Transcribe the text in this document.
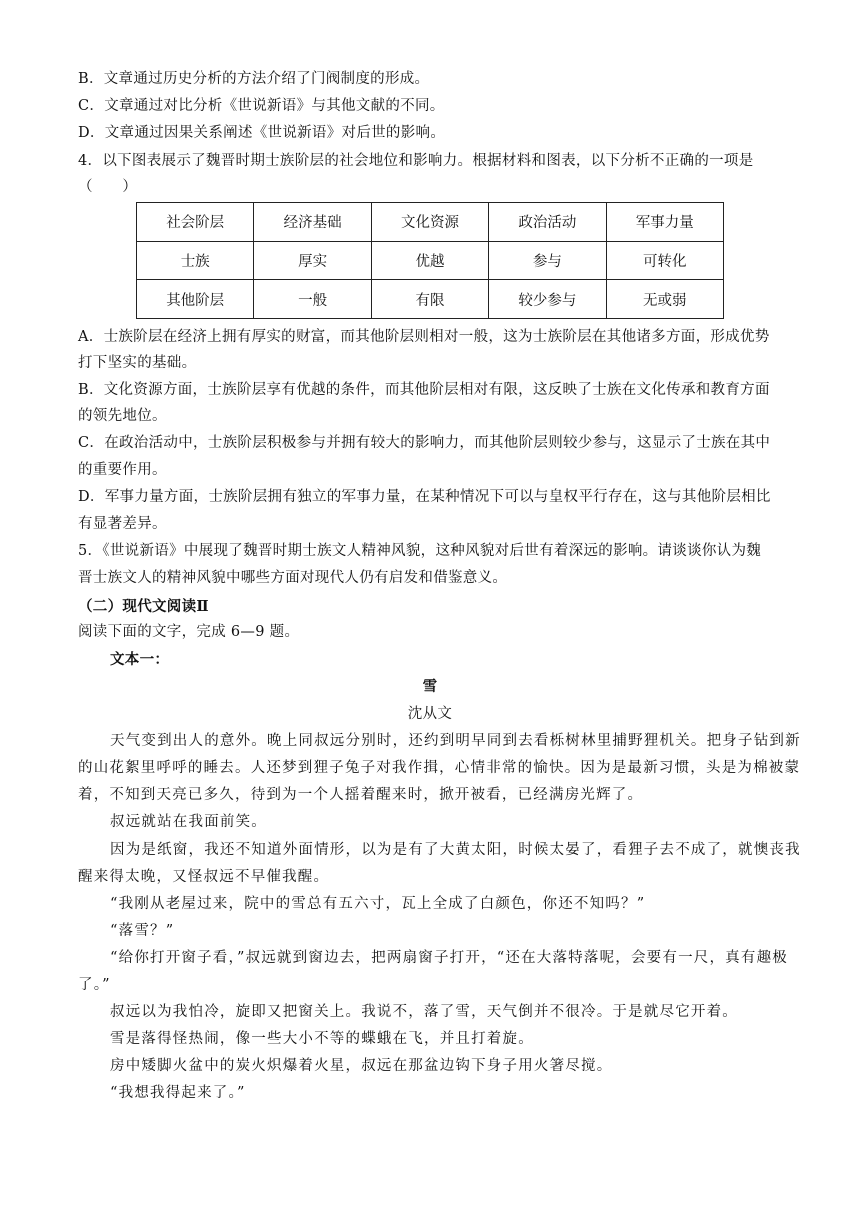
B．文章通过历史分析的方法介绍了门阀制度的形成。
C．文章通过对比分析《世说新语》与其他文献的不同。
D．文章通过因果关系阐述《世说新语》对后世的影响。
4．以下图表展示了魏晋时期士族阶层的社会地位和影响力。根据材料和图表，以下分析不正确的一项是
（　　）
社会阶层	经济基础	文化资源	政治活动	军事力量
士族	厚实	优越	参与	可转化
其他阶层	一般	有限	较少参与	无或弱
A．士族阶层在经济上拥有厚实的财富，而其他阶层则相对一般，这为士族阶层在其他诸多方面，形成优势
打下坚实的基础。
B．文化资源方面，士族阶层享有优越的条件，而其他阶层相对有限，这反映了士族在文化传承和教育方面
的领先地位。
C．在政治活动中，士族阶层积极参与并拥有较大的影响力，而其他阶层则较少参与，这显示了士族在其中
的重要作用。
D．军事力量方面，士族阶层拥有独立的军事力量，在某种情况下可以与皇权平行存在，这与其他阶层相比
有显著差异。
5．《世说新语》中展现了魏晋时期士族文人精神风貌，这种风貌对后世有着深远的影响。请谈谈你认为魏
晋士族文人的精神风貌中哪些方面对现代人仍有启发和借鉴意义。
（二）现代文阅读Ⅱ
阅读下面的文字，完成 6—9 题。
文本一：
雪
沈从文
天气变到出人的意外。晚上同叔远分别时，还约到明早同到去看栎树林里捕野狸机关。把身子钻到新
的山花絮里呼呼的睡去。人还梦到狸子兔子对我作揖，心情非常的愉快。因为是最新习惯，头是为棉被蒙
着，不知到天亮已多久，待到为一个人摇着醒来时，掀开被看，已经满房光辉了。
叔远就站在我面前笑。
因为是纸窗，我还不知道外面情形，以为是有了大黄太阳，时候太晏了，看狸子去不成了，就懊丧我
醒来得太晚，又怪叔远不早催我醒。
“我刚从老屋过来，院中的雪总有五六寸，瓦上全成了白颜色，你还不知吗？”
“落雪？”
“给你打开窗子看，”叔远就到窗边去，把两扇窗子打开，“还在大落特落呢，会要有一尺，真有趣极
了。”
叔远以为我怕冷，旋即又把窗关上。我说不，落了雪，天气倒并不很冷。于是就尽它开着。
雪是落得怪热闹，像一些大小不等的蝶蛾在飞，并且打着旋。
房中矮脚火盆中的炭火炽爆着火星，叔远在那盆边钩下身子用火箸尽搅。
“我想我得起来了。”
